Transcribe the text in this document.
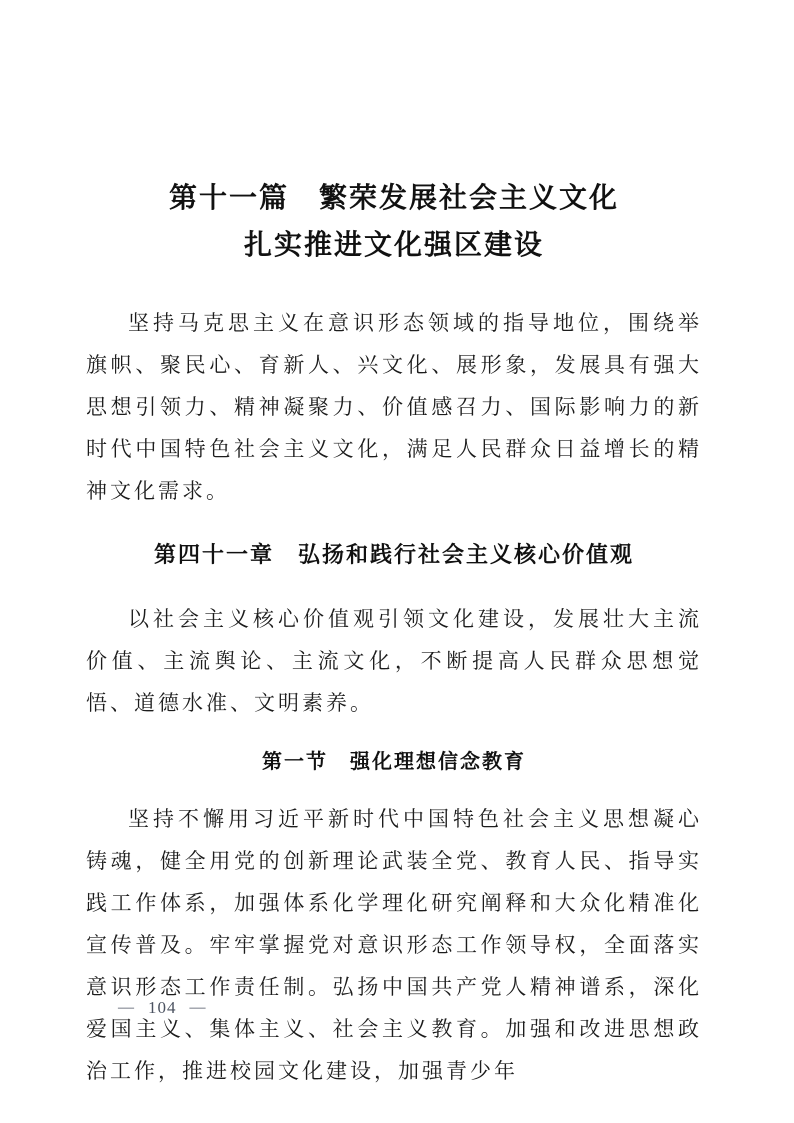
第十一篇　繁荣发展社会主义文化
扎实推进文化强区建设

坚持马克思主义在意识形态领域的指导地位，围绕举旗帜、聚民心、育新人、兴文化、展形象，发展具有强大思想引领力、精神凝聚力、价值感召力、国际影响力的新时代中国特色社会主义文化，满足人民群众日益增长的精神文化需求。

第四十一章　弘扬和践行社会主义核心价值观

以社会主义核心价值观引领文化建设，发展壮大主流价值、主流舆论、主流文化，不断提高人民群众思想觉悟、道德水准、文明素养。

第一节　强化理想信念教育

坚持不懈用习近平新时代中国特色社会主义思想凝心铸魂，健全用党的创新理论武装全党、教育人民、指导实践工作体系，加强体系化学理化研究阐释和大众化精准化宣传普及。牢牢掌握党对意识形态工作领导权，全面落实意识形态工作责任制。弘扬中国共产党人精神谱系，深化爱国主义、集体主义、社会主义教育。加强和改进思想政治工作，推进校园文化建设，加强青少年

— 104 —
